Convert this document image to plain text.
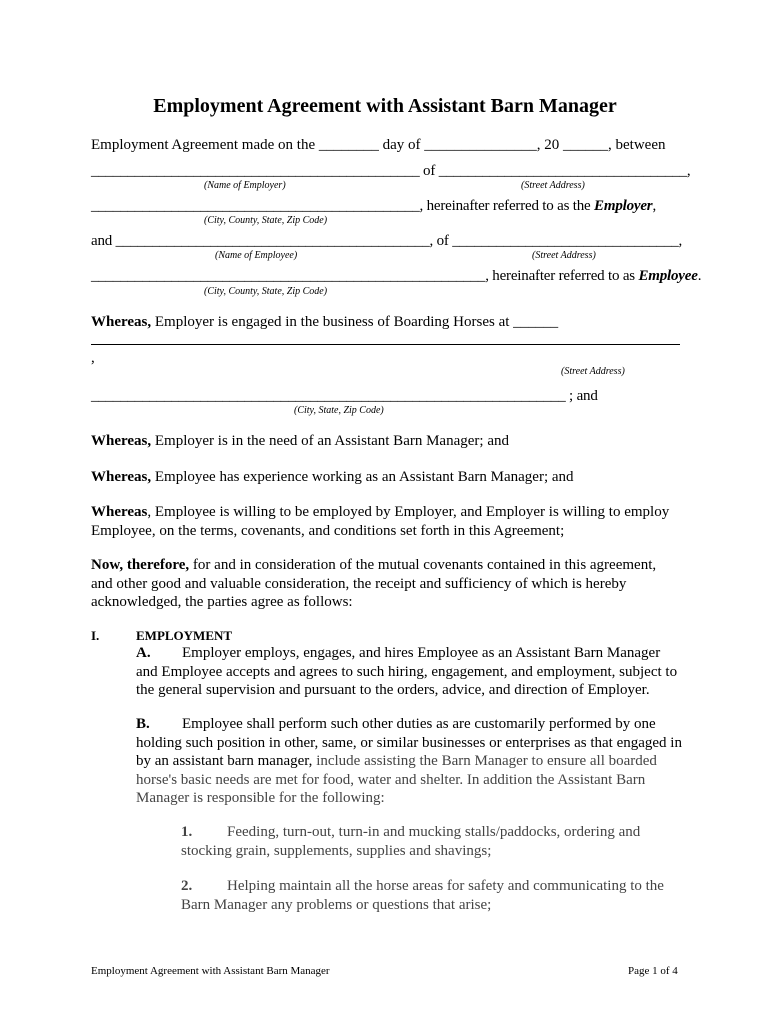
Employment Agreement with Assistant Barn Manager
Employment Agreement made on the ________ day of _______________, 20 ______, between
_____________________________________________ of __________________________________,
(Name of Employer)	(Street Address)
_____________________________________________, hereinafter referred to as the Employer,
(City, County, State, Zip Code)
and ___________________________________________, of _______________________________,
(Name of Employee)	(Street Address)
______________________________________________________, hereinafter referred to as Employee.
(City, County, State, Zip Code)
Whereas, Employer is engaged in the business of Boarding Horses at ______
,
(Street Address)
_________________________________________________________________ ; and
(City, State, Zip Code)
Whereas, Employer is in the need of an Assistant Barn Manager; and
Whereas, Employee has experience working as an Assistant Barn Manager; and
Whereas, Employee is willing to be employed by Employer, and Employer is willing to employ Employee, on the terms, covenants, and conditions set forth in this Agreement;
Now, therefore, for and in consideration of the mutual covenants contained in this agreement, and other good and valuable consideration, the receipt and sufficiency of which is hereby acknowledged, the parties agree as follows:
I.	EMPLOYMENT
A. Employer employs, engages, and hires Employee as an Assistant Barn Manager and Employee accepts and agrees to such hiring, engagement, and employment, subject to the general supervision and pursuant to the orders, advice, and direction of Employer.
B. Employee shall perform such other duties as are customarily performed by one holding such position in other, same, or similar businesses or enterprises as that engaged in by an assistant barn manager, include assisting the Barn Manager to ensure all boarded horse's basic needs are met for food, water and shelter. In addition the Assistant Barn Manager is responsible for the following:
1. Feeding, turn-out, turn-in and mucking stalls/paddocks, ordering and stocking grain, supplements, supplies and shavings;
2. Helping maintain all the horse areas for safety and communicating to the Barn Manager any problems or questions that arise;
Employment Agreement with Assistant Barn Manager	Page 1 of 4
